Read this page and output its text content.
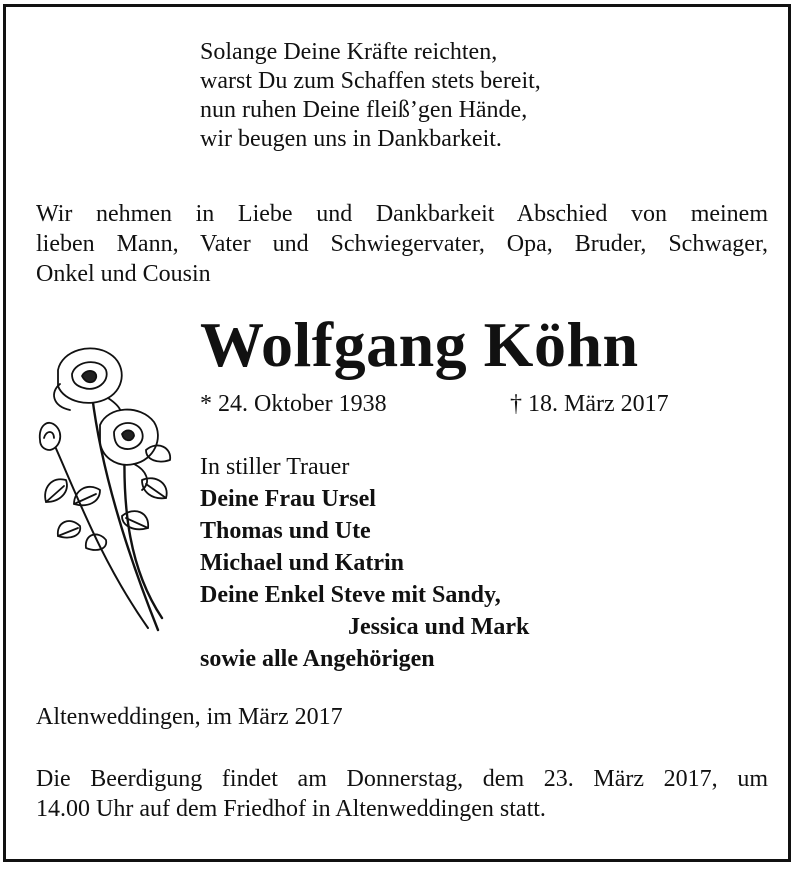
Solange Deine Kräfte reichten,
warst Du zum Schaffen stets bereit,
nun ruhen Deine fleiß’gen Hände,
wir beugen uns in Dankbarkeit.
Wir nehmen in Liebe und Dankbarkeit Abschied von meinem
lieben Mann, Vater und Schwiegervater, Opa, Bruder, Schwager,
Onkel und Cousin
Wolfgang Köhn
* 24. Oktober 1938	† 18. März 2017
In stiller Trauer
Deine Frau Ursel
Thomas und Ute
Michael und Katrin
Deine Enkel Steve mit Sandy,
Jessica und Mark
sowie alle Angehörigen
Altenweddingen, im März 2017
Die Beerdigung findet am Donnerstag, dem 23. März 2017, um
14.00 Uhr auf dem Friedhof in Altenweddingen statt.
